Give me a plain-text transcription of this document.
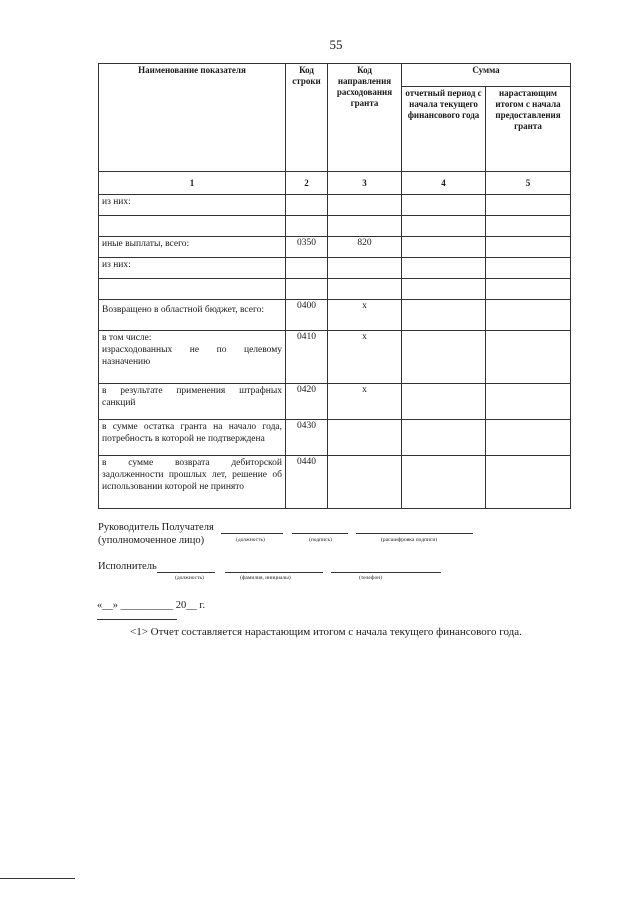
55
Наименование показателя	Код строки	Код направления расходования гранта	Сумма	
			отчетный период с начала текущего финансового года	нарастающим итогом с начала предоставления гранта
1	2	3	4	5
из них:				

иные выплаты, всего:	0350	820		
из них:				

Возвращено в областной бюджет, всего:	0400	x		
в том числе:
израсходованных не по целевому назначению	0410	x		
в результате применения штрафных санкций	0420	x		
в сумме остатка гранта на начало года, потребность в которой не подтверждена	0430			
в сумме возврата дебиторской задолженности прошлых лет, решение об использовании которой не принято	0440			
Руководитель Получателя
(уполномоченное лицо)	(должность)	(подпись)	(расшифровка подписи)
Исполнитель
(должность)	(фамилия, инициалы)	(телефон)
«__» __________ 20__ г.
<1> Отчет составляется нарастающим итогом с начала текущего финансового года.
